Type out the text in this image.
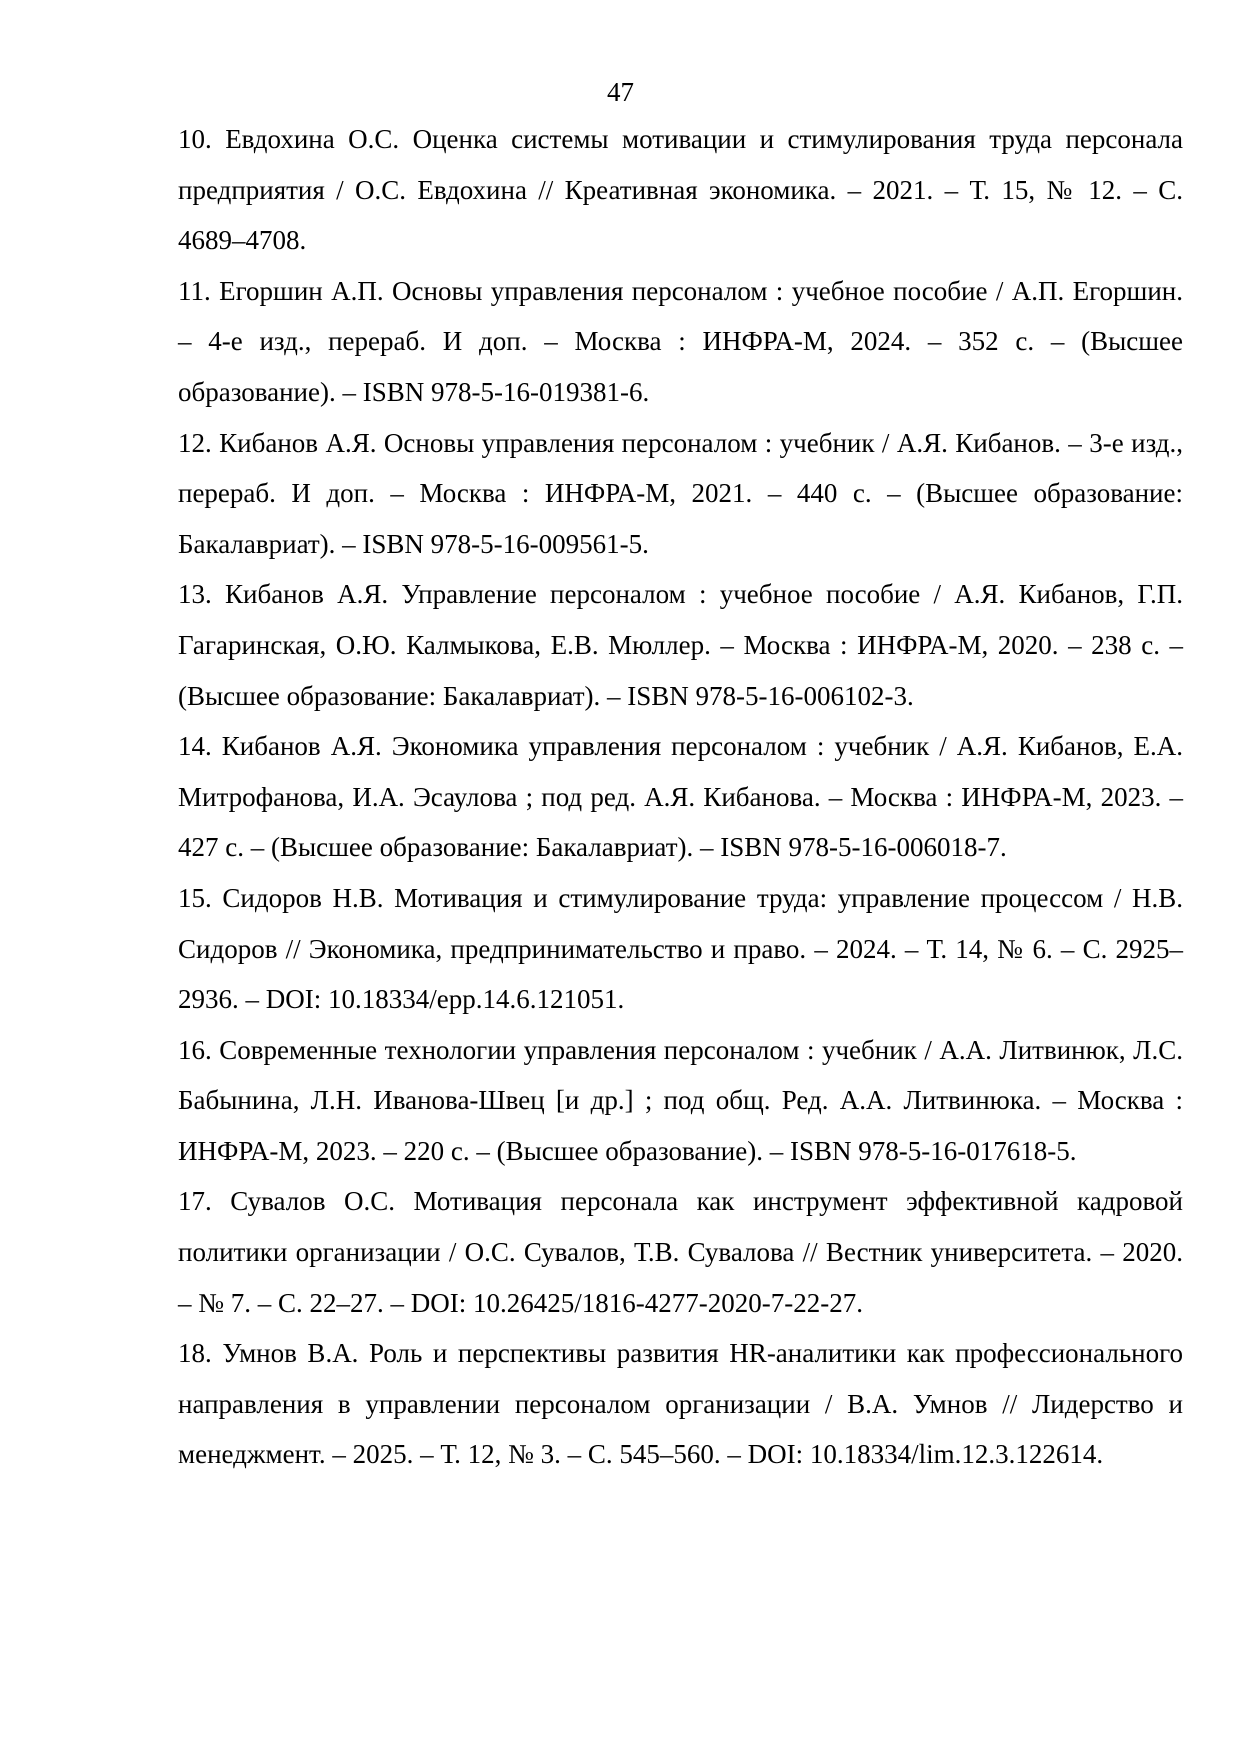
47

10. Евдохина О.С. Оценка системы мотивации и стимулирования труда персонала предприятия / О.С. Евдохина // Креативная экономика. – 2021. – Т. 15, № 12. – С. 4689–4708.

11. Егоршин А.П. Основы управления персоналом : учебное пособие / А.П. Егоршин. – 4-е изд., перераб. И доп. – Москва : ИНФРА-М, 2024. – 352 с. – (Высшее образование). – ISBN 978-5-16-019381-6.

12. Кибанов А.Я. Основы управления персоналом : учебник / А.Я. Кибанов. – 3-е изд., перераб. И доп. – Москва : ИНФРА-М, 2021. – 440 с. – (Высшее образование: Бакалавриат). – ISBN 978-5-16-009561-5.

13. Кибанов А.Я. Управление персоналом : учебное пособие / А.Я. Кибанов, Г.П. Гагаринская, О.Ю. Калмыкова, Е.В. Мюллер. – Москва : ИНФРА-М, 2020. – 238 с. – (Высшее образование: Бакалавриат). – ISBN 978-5-16-006102-3.

14. Кибанов А.Я. Экономика управления персоналом : учебник / А.Я. Кибанов, Е.А. Митрофанова, И.А. Эсаулова ; под ред. А.Я. Кибанова. – Москва : ИНФРА-М, 2023. – 427 с. – (Высшее образование: Бакалавриат). – ISBN 978-5-16-006018-7.

15. Сидоров Н.В. Мотивация и стимулирование труда: управление процессом / Н.В. Сидоров // Экономика, предпринимательство и право. – 2024. – Т. 14, № 6. – С. 2925–2936. – DOI: 10.18334/epp.14.6.121051.

16. Современные технологии управления персоналом : учебник / А.А. Литвинюк, Л.С. Бабынина, Л.Н. Иванова-Швец [и др.] ; под общ. Ред. А.А. Литвинюка. – Москва : ИНФРА-М, 2023. – 220 с. – (Высшее образование). – ISBN 978-5-16-017618-5.

17. Сувалов О.С. Мотивация персонала как инструмент эффективной кадровой политики организации / О.С. Сувалов, Т.В. Сувалова // Вестник университета. – 2020. – № 7. – С. 22–27. – DOI: 10.26425/1816-4277-2020-7-22-27.

18. Умнов В.А. Роль и перспективы развития HR-аналитики как профессионального направления в управлении персоналом организации / В.А. Умнов // Лидерство и менеджмент. – 2025. – Т. 12, № 3. – С. 545–560. – DOI: 10.18334/lim.12.3.122614.
